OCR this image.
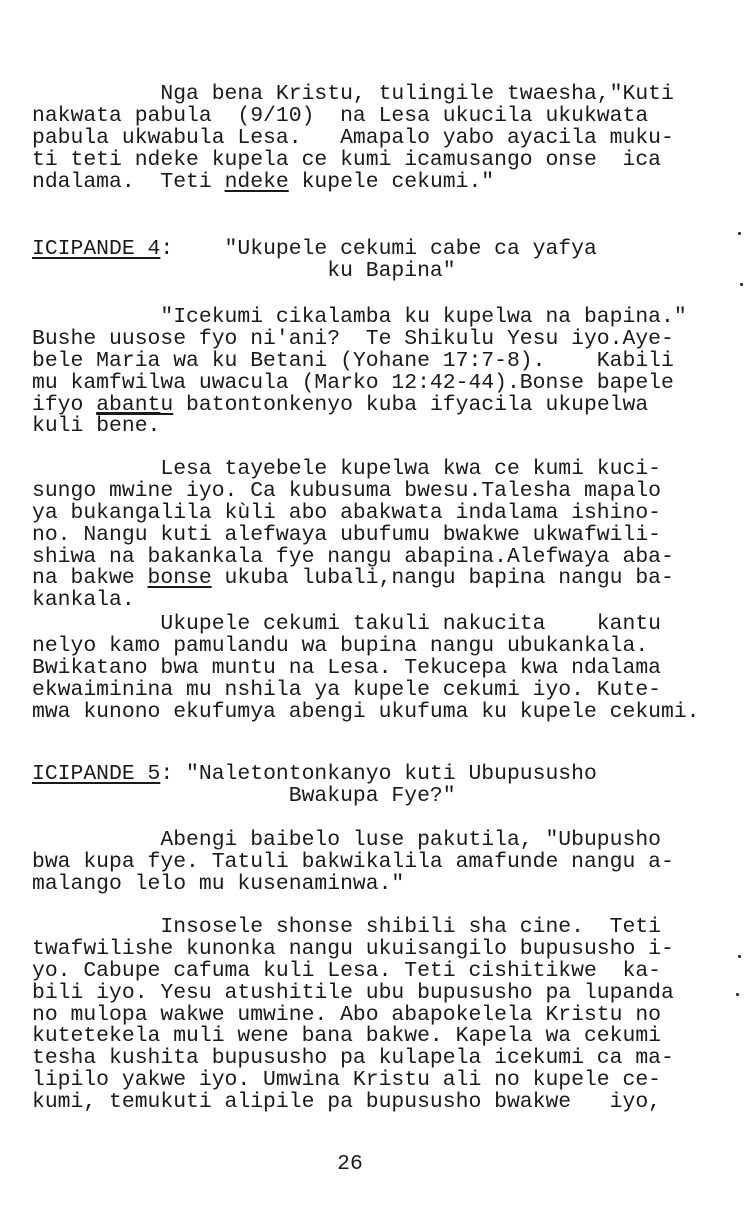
Nga bena Kristu, tulingile twaesha,"Kuti
nakwata pabula  (9/10)  na Lesa ukucila ukukwata
pabula ukwabula Lesa.   Amapalo yabo ayacila muku-
ti teti ndeke kupela ce kumi icamusango onse  ica
ndalama.  Teti ndeke kupele cekumi."
ICIPANDE 4:    "Ukupele cekumi cabe ca yafya
ku Bapina"
"Icekumi cikalamba ku kupelwa na bapina."
Bushe uusose fyo ni'ani?  Te Shikulu Yesu iyo.Aye-
bele Maria wa ku Betani (Yohane 17:7-8).    Kabili
mu kamfwilwa uwacula (Marko 12:42-44).Bonse bapele
ifyo abantu batontonkenyo kuba ifyacila ukupelwa
kuli bene.
Lesa tayebele kupelwa kwa ce kumi kuci-
sungo mwine iyo. Ca kubusuma bwesu.Talesha mapalo
ya bukangalila kùli abo abakwata indalama ishino-
no. Nangu kuti alefwaya ubufumu bwakwe ukwafwili-
shiwa na bakankala fye nangu abapina.Alefwaya aba-
na bakwe bonse ukuba lubali,nangu bapina nangu ba-
kankala.
Ukupele cekumi takuli nakucita    kantu
nelyo kamo pamulandu wa bupina nangu ubukankala.
Bwikatano bwa muntu na Lesa. Tekucepa kwa ndalama
ekwaiminina mu nshila ya kupele cekumi iyo. Kute-
mwa kunono ekufumya abengi ukufuma ku kupele cekumi.
ICIPANDE 5: "Naletontonkanyo kuti Ubupususho
Bwakupa Fye?"
Abengi baibelo luse pakutila, "Ubupusho
bwa kupa fye. Tatuli bakwikalila amafunde nangu a-
malango lelo mu kusenaminwa."
Insosele shonse shibili sha cine.  Teti
twafwilishe kunonka nangu ukuisangilo bupususho i-
yo. Cabupe cafuma kuli Lesa. Teti cishitikwe  ka-
bili iyo. Yesu atushitile ubu bupususho pa lupanda
no mulopa wakwe umwine. Abo abapokelela Kristu no
kutetekela muli wene bana bakwe. Kapela wa cekumi
tesha kushita bupususho pa kulapela icekumi ca ma-
lipilo yakwe iyo. Umwina Kristu ali no kupele ce-
kumi, temukuti alipile pa bupususho bwakwe   iyo,
26
